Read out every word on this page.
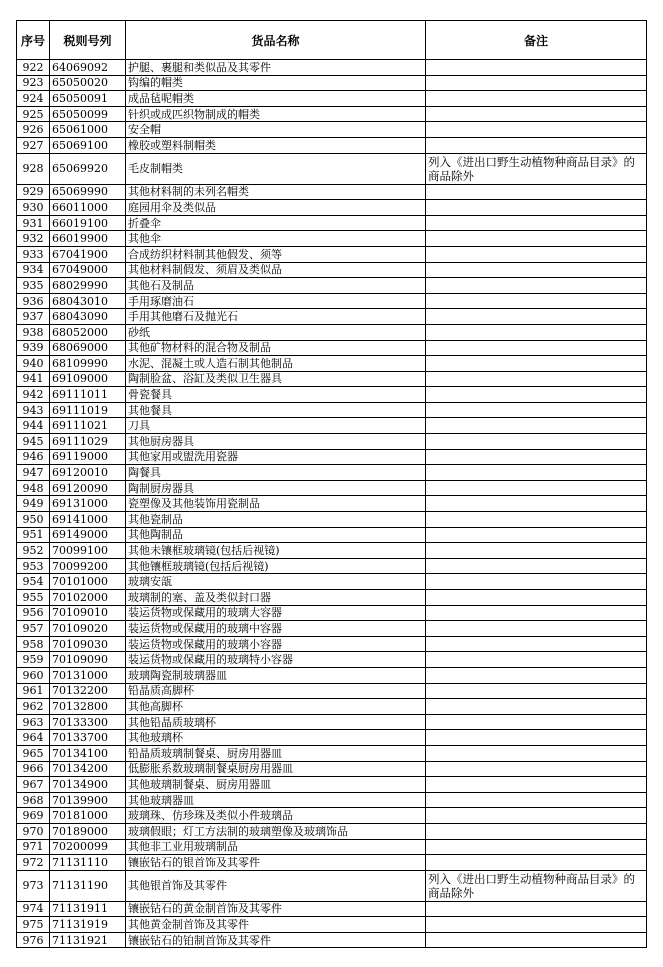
序号	税则号列	货品名称	备注
922	64069092	护腿、裹腿和类似品及其零件	
923	65050020	钩编的帽类	
924	65050091	成品毡呢帽类	
925	65050099	针织或成匹织物制成的帽类	
926	65061000	安全帽	
927	65069100	橡胶或塑料制帽类	
928	65069920	毛皮制帽类	列入《进出口野生动植物种商品目录》的商品除外
929	65069990	其他材料制的未列名帽类	
930	66011000	庭园用伞及类似品	
931	66019100	折叠伞	
932	66019900	其他伞	
933	67041900	合成纺织材料制其他假发、须等	
934	67049000	其他材料制假发、须眉及类似品	
935	68029990	其他石及制品	
936	68043010	手用琢磨油石	
937	68043090	手用其他磨石及抛光石	
938	68052000	砂纸	
939	68069000	其他矿物材料的混合物及制品	
940	68109990	水泥、混凝土或人造石制其他制品	
941	69109000	陶制脸盆、浴缸及类似卫生器具	
942	69111011	骨瓷餐具	
943	69111019	其他餐具	
944	69111021	刀具	
945	69111029	其他厨房器具	
946	69119000	其他家用或盥洗用瓷器	
947	69120010	陶餐具	
948	69120090	陶制厨房器具	
949	69131000	瓷塑像及其他装饰用瓷制品	
950	69141000	其他瓷制品	
951	69149000	其他陶制品	
952	70099100	其他未镶框玻璃镜(包括后视镜)	
953	70099200	其他镶框玻璃镜(包括后视镜)	
954	70101000	玻璃安瓿	
955	70102000	玻璃制的塞、盖及类似封口器	
956	70109010	装运货物或保藏用的玻璃大容器	
957	70109020	装运货物或保藏用的玻璃中容器	
958	70109030	装运货物或保藏用的玻璃小容器	
959	70109090	装运货物或保藏用的玻璃特小容器	
960	70131000	玻璃陶瓷制玻璃器皿	
961	70132200	铅晶质高脚杯	
962	70132800	其他高脚杯	
963	70133300	其他铅晶质玻璃杯	
964	70133700	其他玻璃杯	
965	70134100	铅晶质玻璃制餐桌、厨房用器皿	
966	70134200	低膨胀系数玻璃制餐桌厨房用器皿	
967	70134900	其他玻璃制餐桌、厨房用器皿	
968	70139900	其他玻璃器皿	
969	70181000	玻璃珠、仿珍珠及类似小件玻璃品	
970	70189000	玻璃假眼；灯工方法制的玻璃塑像及玻璃饰品	
971	70200099	其他非工业用玻璃制品	
972	71131110	镶嵌钻石的银首饰及其零件	
973	71131190	其他银首饰及其零件	列入《进出口野生动植物种商品目录》的商品除外
974	71131911	镶嵌钻石的黄金制首饰及其零件	
975	71131919	其他黄金制首饰及其零件	
976	71131921	镶嵌钻石的铂制首饰及其零件	
